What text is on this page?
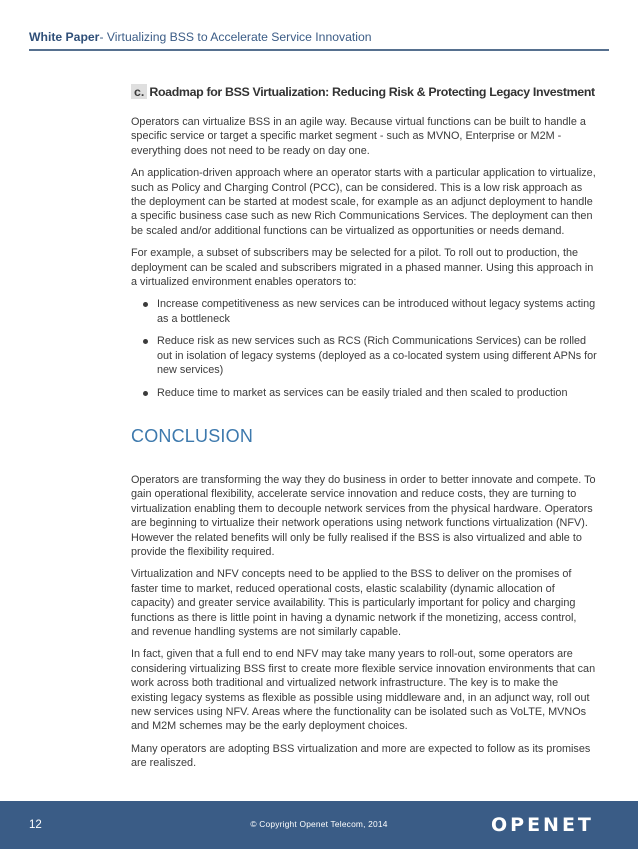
White Paper- Virtualizing BSS to Accelerate Service Innovation
c. Roadmap for BSS Virtualization: Reducing Risk & Protecting Legacy Investment

Operators can virtualize BSS in an agile way. Because virtual functions can be built to handle a specific service or target a specific market segment - such as MVNO, Enterprise or M2M - everything does not need to be ready on day one.

An application-driven approach where an operator starts with a particular application to virtualize, such as Policy and Charging Control (PCC), can be considered. This is a low risk approach as the deployment can be started at modest scale, for example as an adjunct deployment to handle a specific business case such as new Rich Communications Services. The deployment can then be scaled and/or additional functions can be virtualized as opportunities or needs demand.

For example, a subset of subscribers may be selected for a pilot. To roll out to production, the deployment can be scaled and subscribers migrated in a phased manner. Using this approach in a virtualized environment enables operators to:

Increase competitiveness as new services can be introduced without legacy systems acting as a bottleneck
Reduce risk as new services such as RCS (Rich Communications Services) can be rolled out in isolation of legacy systems (deployed as a co-located system using different APNs for new services)
Reduce time to market as services can be easily trialed and then scaled to production
CONCLUSION

Operators are transforming the way they do business in order to better innovate and compete. To gain operational flexibility, accelerate service innovation and reduce costs, they are turning to virtualization enabling them to decouple network services from the physical hardware. Operators are beginning to virtualize their network operations using network functions virtualization (NFV). However the related benefits will only be fully realised if the BSS is also virtualized and able to provide the flexibility required.

Virtualization and NFV concepts need to be applied to the BSS to deliver on the promises of faster time to market, reduced operational costs, elastic scalability (dynamic allocation of capacity) and greater service availability. This is particularly important for policy and charging functions as there is little point in having a dynamic network if the monetizing, access control, and revenue handling systems are not similarly capable.

In fact, given that a full end to end NFV may take many years to roll-out, some operators are considering virtualizing BSS first to create more flexible service innovation environments that can work across both traditional and virtualized network infrastructure. The key is to make the existing legacy systems as flexible as possible using middleware and, in an adjunct way, roll out new services using NFV. Areas where the functionality can be isolated such as VoLTE, MVNOs and M2M schemes may be the early deployment choices.

Many operators are adopting BSS virtualization and more are expected to follow as its promises are realiszed.

12	© Copyright Openet Telecom, 2014	OPENET
